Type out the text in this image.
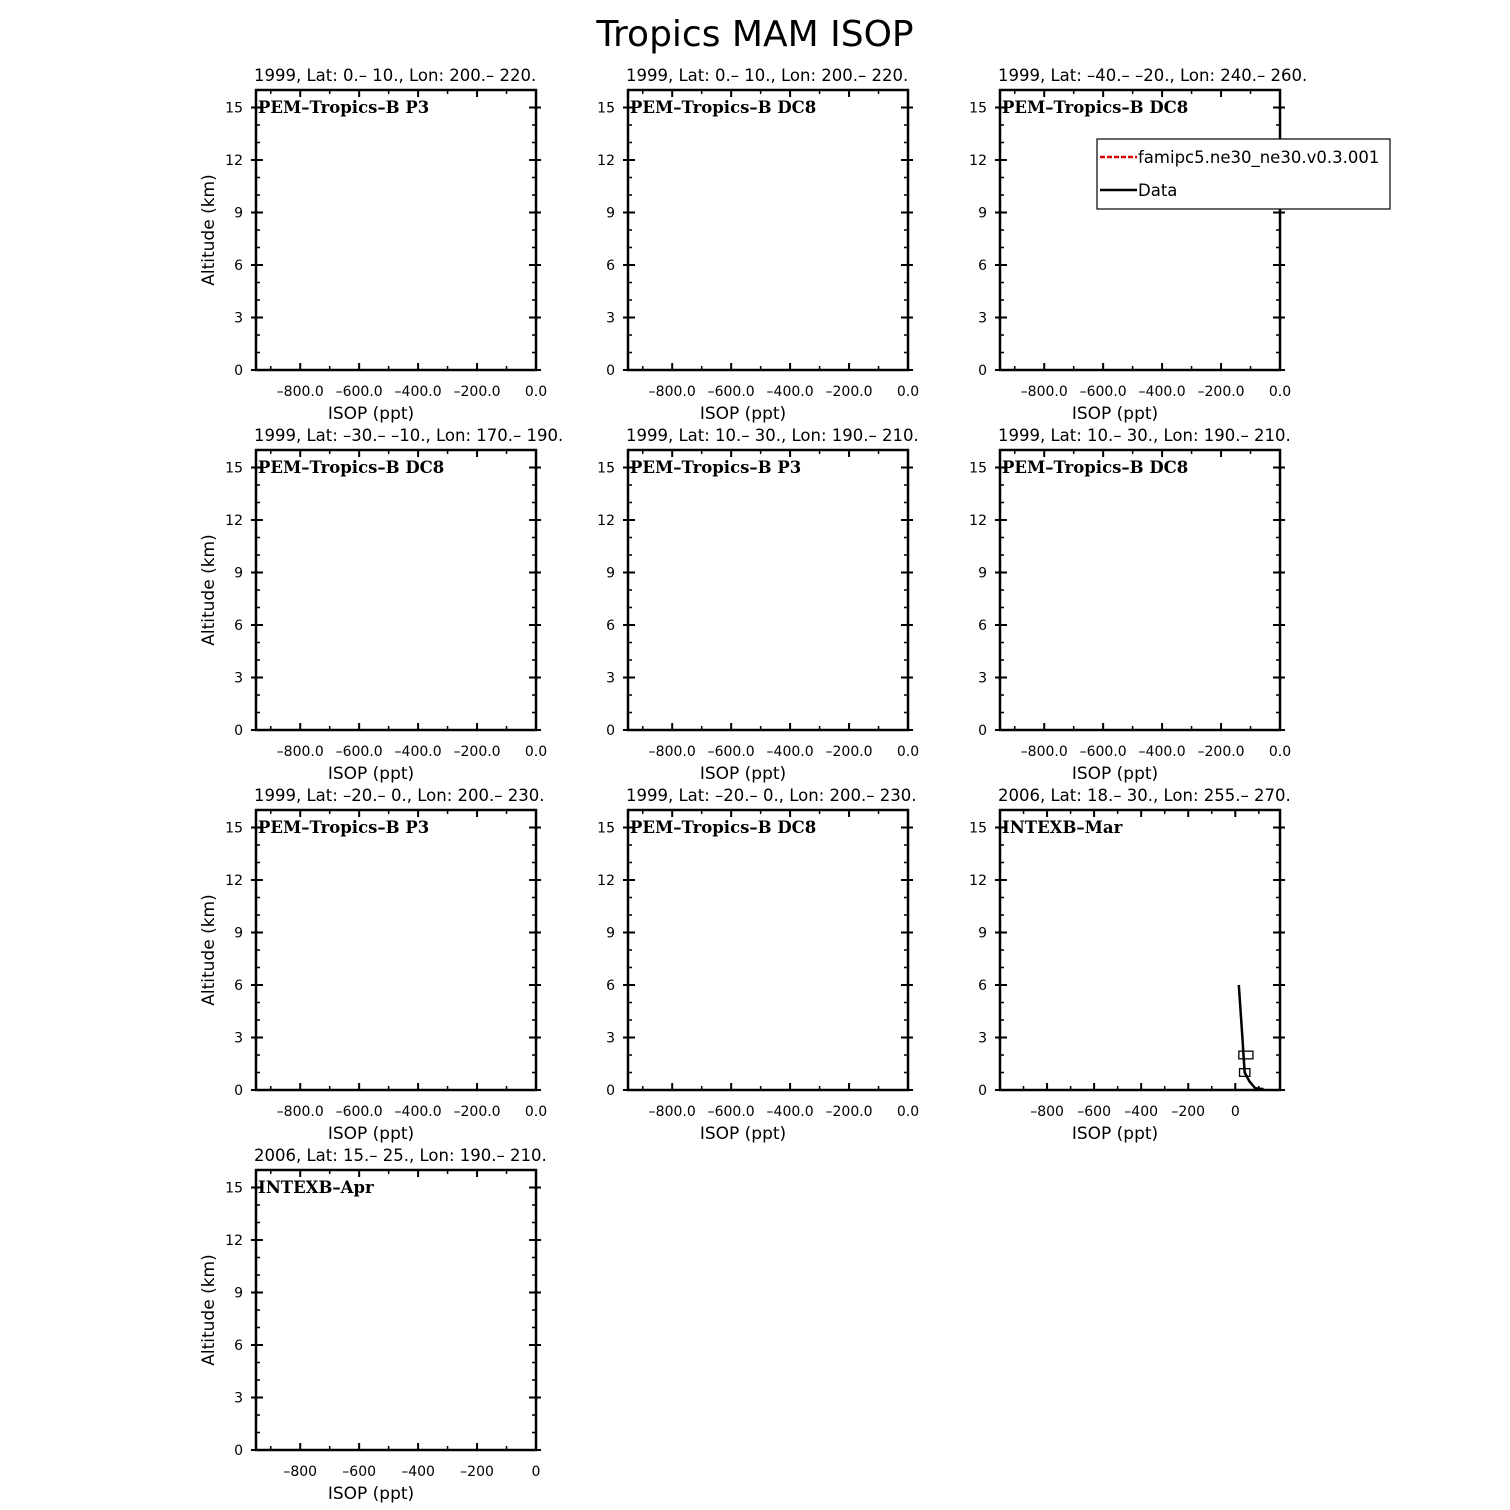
Tropics MAM ISOP
1999, Lat: 0.– 10., Lon: 200.– 220.
0
3
6
9
12
15
–800.0 –600.0 –400.0 –200.0 0.0
ISOP (ppt)
Altitude (km)
PEM–Tropics–B P3
1999, Lat: 0.– 10., Lon: 200.– 220.
0
3
6
9
12
15
–800.0 –600.0 –400.0 –200.0 0.0
ISOP (ppt)
PEM–Tropics–B DC8
1999, Lat: –40.– –20., Lon: 240.– 260.
0
3
6
9
12
15
–800.0 –600.0 –400.0 –200.0 0.0
ISOP (ppt)
PEM–Tropics–B DC8
1999, Lat: –30.– –10., Lon: 170.– 190.
0
3
6
9
12
15
–800.0 –600.0 –400.0 –200.0 0.0
ISOP (ppt)
Altitude (km)
PEM–Tropics–B DC8
1999, Lat: 10.– 30., Lon: 190.– 210.
0
3
6
9
12
15
–800.0 –600.0 –400.0 –200.0 0.0
ISOP (ppt)
PEM–Tropics–B P3
1999, Lat: 10.– 30., Lon: 190.– 210.
0
3
6
9
12
15
–800.0 –600.0 –400.0 –200.0 0.0
ISOP (ppt)
PEM–Tropics–B DC8
1999, Lat: –20.– 0., Lon: 200.– 230.
0
3
6
9
12
15
–800.0 –600.0 –400.0 –200.0 0.0
ISOP (ppt)
Altitude (km)
PEM–Tropics–B P3
1999, Lat: –20.– 0., Lon: 200.– 230.
0
3
6
9
12
15
–800.0 –600.0 –400.0 –200.0 0.0
ISOP (ppt)
PEM–Tropics–B DC8
2006, Lat: 18.– 30., Lon: 255.– 270.
0
3
6
9
12
15
–800 –600 –400 –200 0
ISOP (ppt)
INTEXB–Mar
2006, Lat: 15.– 25., Lon: 190.– 210.
0
3
6
9
12
15
–800 –600 –400 –200	0
ISOP (ppt)
Altitude (km)
INTEXB–Apr
famipc5.ne30_ne30.v0.3.001
Data
